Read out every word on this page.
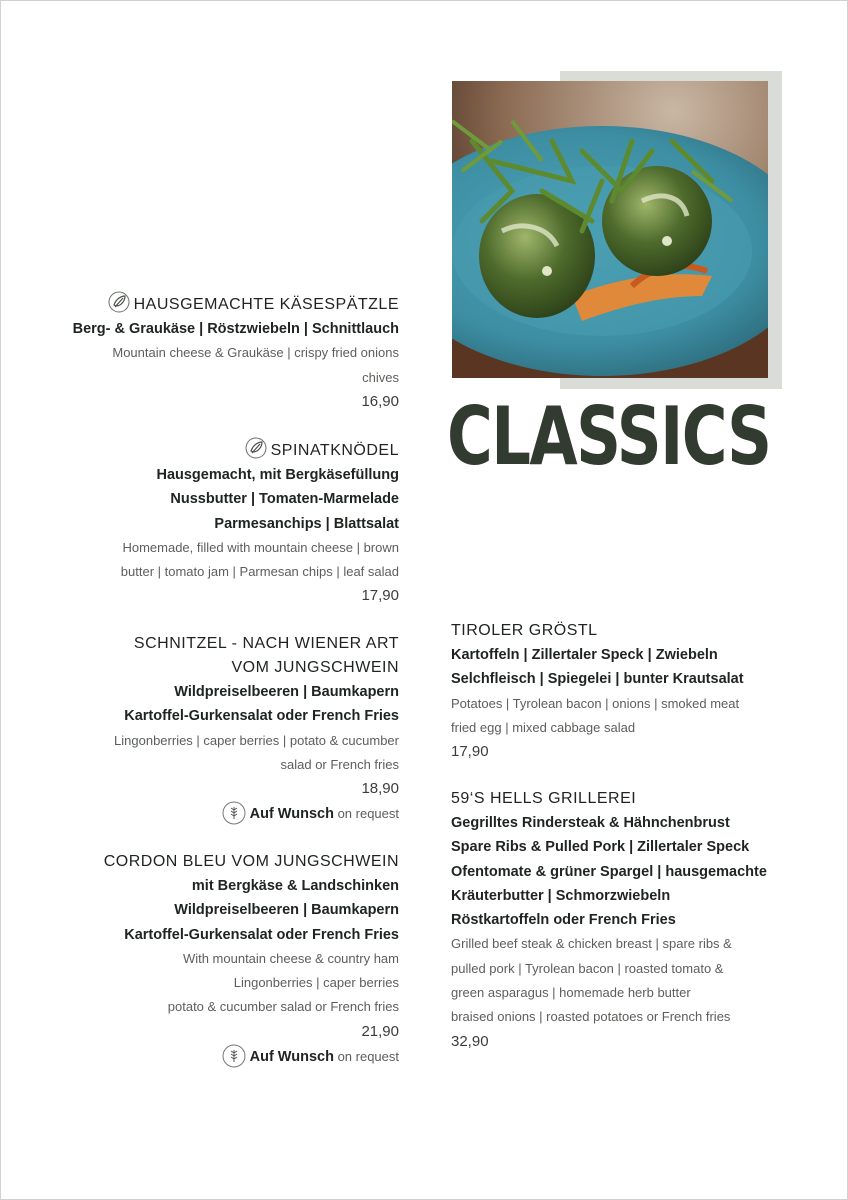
CLASSICS
HAUSGEMACHTE KÄSESPÄTZLE
Berg- & Graukäse | Röstzwiebeln | Schnittlauch
Mountain cheese & Graukäse | crispy fried onions
chives
16,90
SPINATKNÖDEL
Hausgemacht, mit Bergkäsefüllung
Nussbutter | Tomaten-Marmelade
Parmesanchips | Blattsalat
Homemade, filled with mountain cheese | brown
butter | tomato jam | Parmesan chips | leaf salad
17,90
SCHNITZEL - NACH WIENER ART
VOM JUNGSCHWEIN
Wildpreiselbeeren | Baumkapern
Kartoffel-Gurkensalat oder French Fries
Lingonberries | caper berries | potato & cucumber
salad or French fries
18,90
Auf Wunsch on request
CORDON BLEU VOM JUNGSCHWEIN
mit Bergkäse & Landschinken
Wildpreiselbeeren | Baumkapern
Kartoffel-Gurkensalat oder French Fries
With mountain cheese & country ham
Lingonberries | caper berries
potato & cucumber salad or French fries
21,90
Auf Wunsch on request
TIROLER GRÖSTL
Kartoffeln | Zillertaler Speck | Zwiebeln
Selchfleisch | Spiegelei | bunter Krautsalat
Potatoes | Tyrolean bacon | onions | smoked meat
fried egg | mixed cabbage salad
17,90
59‘S HELLS GRILLEREI
Gegrilltes Rindersteak & Hähnchenbrust
Spare Ribs & Pulled Pork | Zillertaler Speck
Ofentomate & grüner Spargel | hausgemachte
Kräuterbutter | Schmorzwiebeln
Röstkartoffeln oder French Fries
Grilled beef steak & chicken breast | spare ribs &
pulled pork | Tyrolean bacon | roasted tomato &
green asparagus | homemade herb butter
braised onions | roasted potatoes or French fries
32,90
